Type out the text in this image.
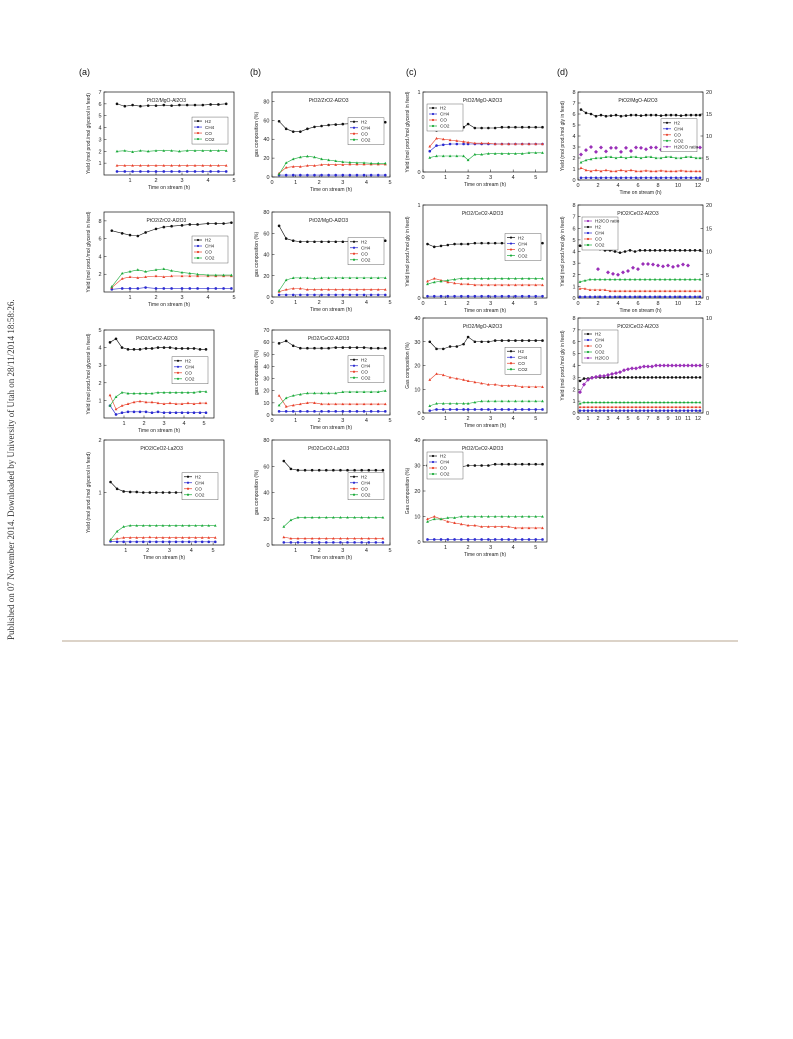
Published on 07 November 2014. Downloaded by University of Utah on 28/11/2014 18:58:26.
(a)	(b)	(c)	(d)
1	2	3	4	5
1
2
3
4
5
6
7
Time on stream (h)
Yield (mol prod./mol glycerol in feed)	PtO2/MgO-Al2O3
H2
CH4
CO
CO2
1	2	3	4	5
2
4
6
8
Time on stream (h)
Yield (mol prod./mol glycerol in feed)	PtO2/ZrO2-Al2O3
H2
CH4
CO
CO2
1	2	3	4	5
1
2
3
4
5
Time on stream (h)
Yield (mol prod./mol glycerol in feed)	PtO2/CeO2-Al2O3
H2
CH4
CO
CO2
1	2	3	4	5
1
2
Time on stream (h)
Yield (mol prod./mol glycerol in feed)
PtO2/CeO2-La2O3
H2
CH4
CO
CO2
0	1	2	3	4	5
0
20
40
60
80
Time on stream (h)
gas composition (%)
PtO2/ZrO2-Al2O3
H2
CH4
CO
CO2
0	1	2	3	4	5
0
20
40
60
80
Time on stream (h)
gas composition (%)
PtO2/MgO-Al2O3
H2
CH4
CO
CO2
0	1	2	3	4	5
0
10
20
30
40
50
60
70
Time on stream (h)
gas composition (%)
PtO2/CeO2-Al2O3
H2
CH4
CO
CO2
1	2	3	4	5
0
20
40
60
80
Time on stream (h)
gas composition (%)
PtO2CeO2-La2O3
H2
CH4
CO
CO2
0	1	2	3	4	5
0
1
Time on stream (h)
Yield (mol prod./mol glycerol in feed)	PtO2/MgO-Al2O3
H2
CH4
CO
CO2
0	1	2	3	4	5
0
1
Time on stream (h)
Yield (mol prod./mol gly in feed)
PtO2/CeO2-Al2O3
H2
CH4
CO
CO2
0	1	2	3	4	5
0
10
20
30
40
Time on stream (h)
Gas composition (%)
PtO2/MgO-Al2O3
H2
CH4
CO
CO2
1	2	3	4	5
0
10
20
30
40
Time on stream (h)
Gas composition (%)
PtO2/CeO2-Al2O3
H2
CH4
CO
CO2
0	2	4	6	8	10	12
0
1
2
3
4
5
6
7
8
0
5
10
15
20
Time on stream (h)
Yield (mol prod./mol gly in feed)	PtO2/MgO-Al2O3
H2
CH4
CO
CO2
H2/CO ratio
0	2	4	6	8	10	12
0
1
2
3
4
5
6
7
8
0
5
10
15
20
Time on stream (h)
Yield (mol prod./mol gly in feed)
PtO2/CeO2-Al2O3
H2/CO ratio
H2
CH4
CO
CO2
0 1 2 3 4 5 6 7 8 9 10 11 12
0
1
2
3
4
5
6
7
8
0
5
10
Yield (mol prod./mol gly in feed)
PtO2/CeO2-Al2O3
H2
CH4
CO
CO2
H2/CO
